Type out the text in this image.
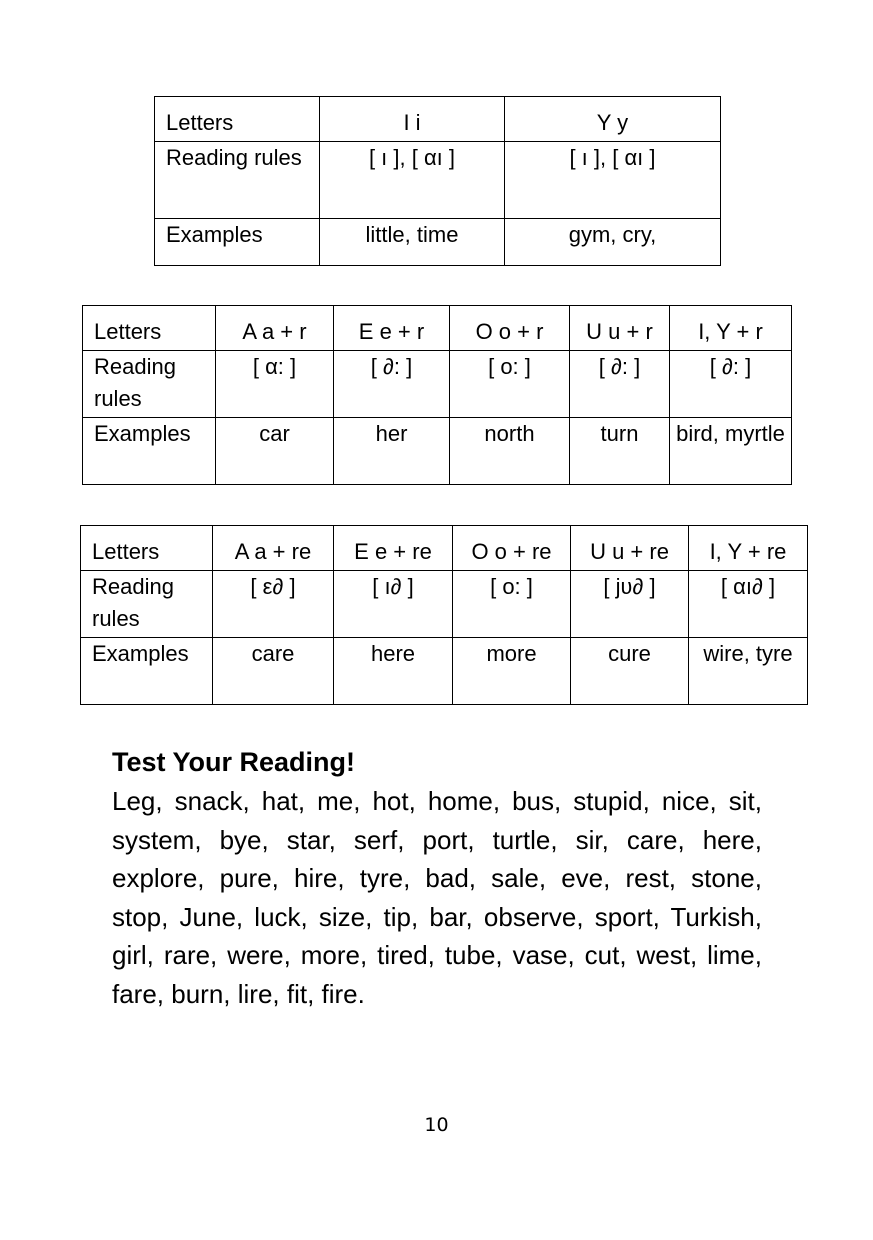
Letters	I i	Y y
Reading rules	[ ı ], [ αı ]	[ ı ], [ αı ]
Examples	little, time	gym, cry,
Letters	A a + r	E e + r	O o + r	U u + r	I, Y + r
Reading rules	[ α: ]	[ ∂: ]	[ o: ]	[ ∂: ]	[ ∂: ]
Examples	car	her	north	turn	bird, myrtle
Letters	A a + re	E e + re	O o + re	U u + re	I, Y + re
Reading rules	[ ε∂ ]	[ ı∂ ]	[ o: ]	[ jʋ∂ ]	[ αı∂ ]
Examples	care	here	more	cure	wire, tyre
Test Your Reading!

Leg, snack, hat, me, hot, home, bus, stupid, nice, sit, system, bye, star, serf, port, turtle, sir, care, here, explore, pure, hire, tyre, bad, sale, eve, rest, stone, stop, June, luck, size, tip, bar, observe, sport, Turkish, girl, rare, were, more, tired, tube, vase, cut, west, lime, fare, burn, lire, fit, fire.

10
